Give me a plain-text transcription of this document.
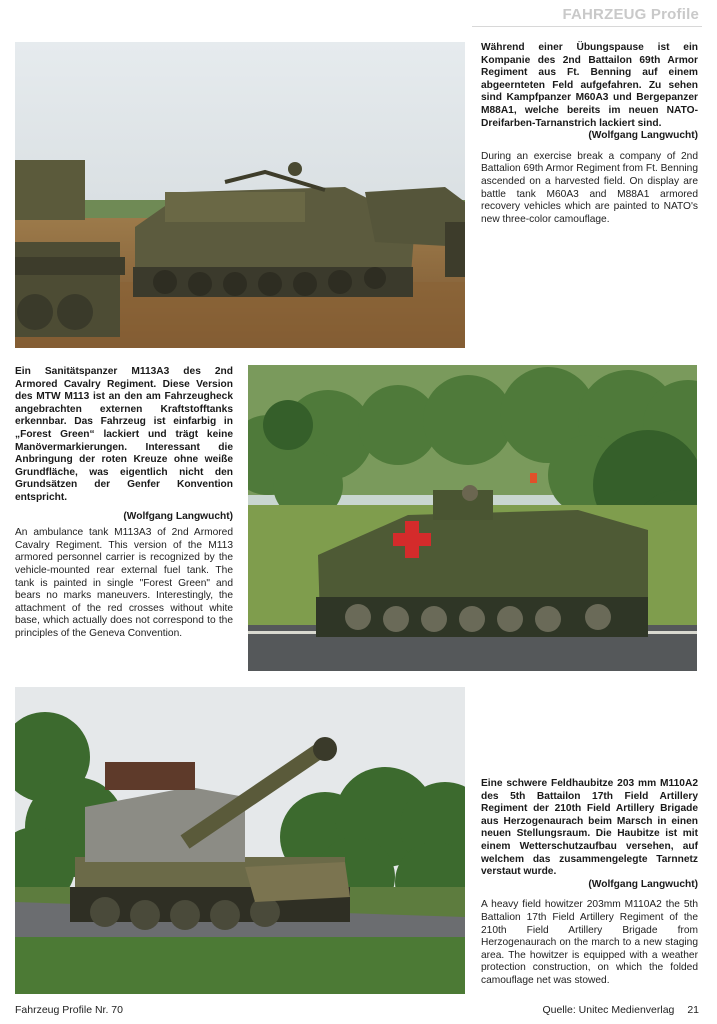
FAHRZEUG Profile

Während einer Übungspause ist ein Kompanie des 2nd Battailon 69th Armor Regiment aus Ft. Benning auf einem abgeernteten Feld aufgefahren. Zu sehen sind Kampfpanzer M60A3 und Bergepanzer M88A1, welche bereits im neuen NATO-Dreifarben-Tarnanstrich lackiert sind.

(Wolfgang Langwucht)

During an exercise break a company of 2nd Battalion 69th Armor Regiment from Ft. Benning ascended on a harvested field. On display are battle tank M60A3 and M88A1 armored recovery vehicles which are painted to NATO's new three-color camouflage.

Ein Sanitätspanzer M113A3 des 2nd Armored Cavalry Regiment. Diese Version des MTW M113 ist an den am Fahrzeugheck angebrachten externen Kraftstofftanks erkennbar. Das Fahrzeug ist einfarbig in „Forest Green“ lackiert und trägt keine Manövermarkierungen. Interessant die Anbringung der roten Kreuze ohne weiße Grundfläche, was eigentlich nicht den Grundsätzen der Genfer Konvention entspricht.

(Wolfgang Langwucht)

An ambulance tank M113A3 of 2nd Armored Cavalry Regiment. This version of the M113 armored personnel carrier is recognized by the vehicle-mounted rear external fuel tank. The tank is painted in single "Forest Green" and bears no marks maneuvers. Interestingly, the attachment of the red crosses without white base, which actually does not correspond to the principles of the Geneva Convention.

Eine schwere Feldhaubitze 203 mm M110A2 des 5th Battailon 17th Field Artillery Regiment der 210th Field Artillery Brigade aus Herzogenaurach beim Marsch in einen neuen Stellungsraum. Die Haubitze ist mit einem Wetterschutzaufbau versehen, auf welchem das zusammengelegte Tarnnetz verstaut wurde.

(Wolfgang Langwucht)

A heavy field howitzer 203mm M110A2 the 5th Battalion 17th Field Artillery Regiment of the 210th Field Artillery Brigade from Herzogenaurach on the march to a new staging area. The howitzer is equipped with a weather protection construction, on which the folded camouflage net was stowed.

Fahrzeug Profile Nr. 70	Quelle: Unitec Medienverlag 21
